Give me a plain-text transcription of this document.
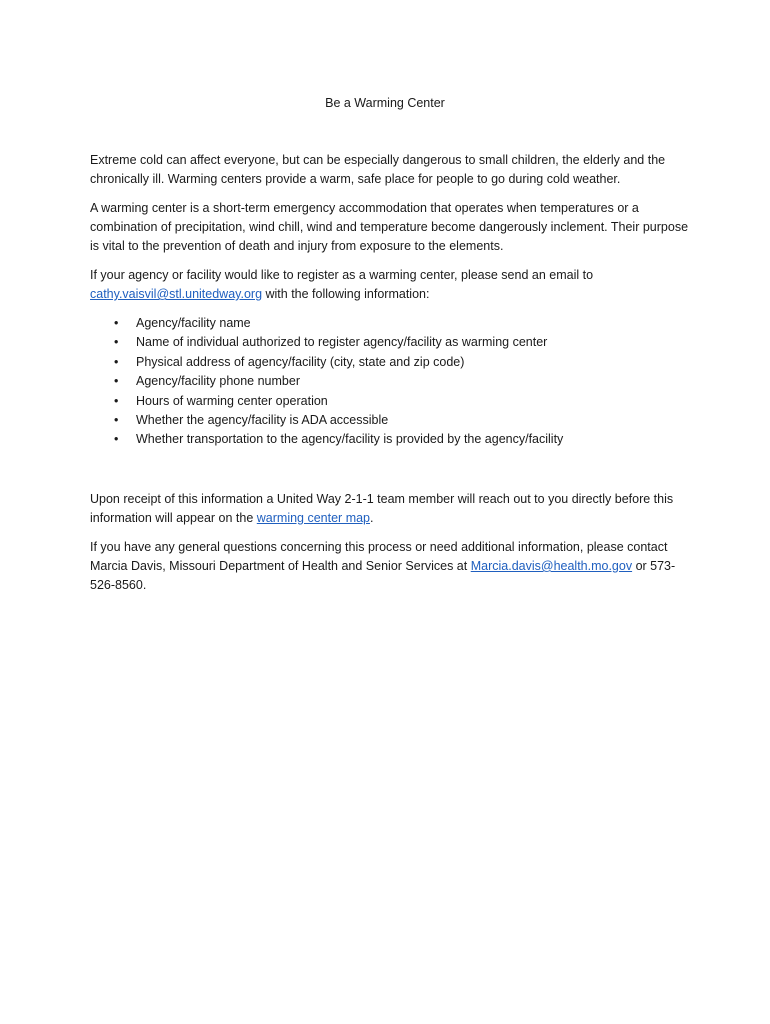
Be a Warming Center

Extreme cold can affect everyone, but can be especially dangerous to small children, the elderly and the chronically ill. Warming centers provide a warm, safe place for people to go during cold weather.

A warming center is a short-term emergency accommodation that operates when temperatures or a combination of precipitation, wind chill, wind and temperature become dangerously inclement. Their purpose is vital to the prevention of death and injury from exposure to the elements.

If your agency or facility would like to register as a warming center, please send an email to
cathy.vaisvil@stl.unitedway.org with the following information:

• Agency/facility name
• Name of individual authorized to register agency/facility as warming center
• Physical address of agency/facility (city, state and zip code)
• Agency/facility phone number
• Hours of warming center operation
• Whether the agency/facility is ADA accessible
• Whether transportation to the agency/facility is provided by the agency/facility

Upon receipt of this information a United Way 2-1-1 team member will reach out to you directly before this information will appear on the warming center map.

If you have any general questions concerning this process or need additional information, please contact Marcia Davis, Missouri Department of Health and Senior Services at Marcia.davis@health.mo.gov or 573-526-8560.
